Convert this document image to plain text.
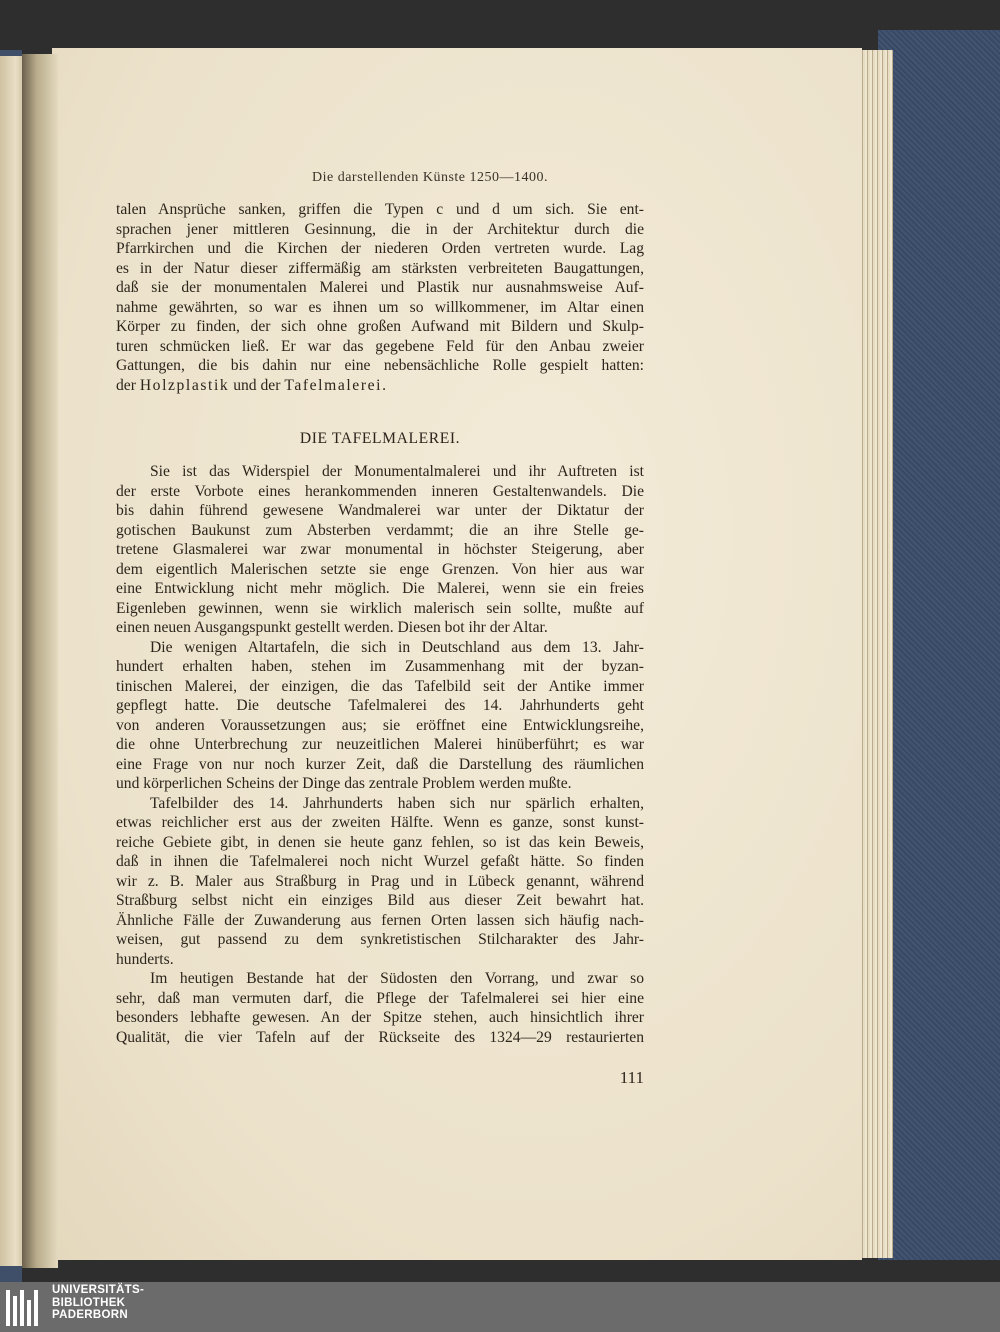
Die darstellenden Künste 1250—1400.
talen Ansprüche sanken, griffen die Typen c und d um sich. Sie ent-
sprachen jener mittleren Gesinnung, die in der Architektur durch die
Pfarrkirchen und die Kirchen der niederen Orden vertreten wurde. Lag
es in der Natur dieser ziffermäßig am stärksten verbreiteten Baugattungen,
daß sie der monumentalen Malerei und Plastik nur ausnahmsweise Auf-
nahme gewährten, so war es ihnen um so willkommener, im Altar einen
Körper zu finden, der sich ohne großen Aufwand mit Bildern und Skulp-
turen schmücken ließ. Er war das gegebene Feld für den Anbau zweier
Gattungen, die bis dahin nur eine nebensächliche Rolle gespielt hatten:
der Holzplastik und der Tafelmalerei.
DIE TAFELMALEREI.
Sie ist das Widerspiel der Monumentalmalerei und ihr Auftreten ist
der erste Vorbote eines herankommenden inneren Gestaltenwandels. Die
bis dahin führend gewesene Wandmalerei war unter der Diktatur der
gotischen Baukunst zum Absterben verdammt; die an ihre Stelle ge-
tretene Glasmalerei war zwar monumental in höchster Steigerung, aber
dem eigentlich Malerischen setzte sie enge Grenzen. Von hier aus war
eine Entwicklung nicht mehr möglich. Die Malerei, wenn sie ein freies
Eigenleben gewinnen, wenn sie wirklich malerisch sein sollte, mußte auf
einen neuen Ausgangspunkt gestellt werden. Diesen bot ihr der Altar.
Die wenigen Altartafeln, die sich in Deutschland aus dem 13. Jahr-
hundert erhalten haben, stehen im Zusammenhang mit der byzan-
tinischen Malerei, der einzigen, die das Tafelbild seit der Antike immer
gepflegt hatte. Die deutsche Tafelmalerei des 14. Jahrhunderts geht
von anderen Voraussetzungen aus; sie eröffnet eine Entwicklungsreihe,
die ohne Unterbrechung zur neuzeitlichen Malerei hinüberführt; es war
eine Frage von nur noch kurzer Zeit, daß die Darstellung des räumlichen
und körperlichen Scheins der Dinge das zentrale Problem werden mußte.
Tafelbilder des 14. Jahrhunderts haben sich nur spärlich erhalten,
etwas reichlicher erst aus der zweiten Hälfte. Wenn es ganze, sonst kunst-
reiche Gebiete gibt, in denen sie heute ganz fehlen, so ist das kein Beweis,
daß in ihnen die Tafelmalerei noch nicht Wurzel gefaßt hätte. So finden
wir z. B. Maler aus Straßburg in Prag und in Lübeck genannt, während
Straßburg selbst nicht ein einziges Bild aus dieser Zeit bewahrt hat.
Ähnliche Fälle der Zuwanderung aus fernen Orten lassen sich häufig nach-
weisen, gut passend zu dem synkretistischen Stilcharakter des Jahr-
hunderts.
Im heutigen Bestande hat der Südosten den Vorrang, und zwar so
sehr, daß man vermuten darf, die Pflege der Tafelmalerei sei hier eine
besonders lebhafte gewesen. An der Spitze stehen, auch hinsichtlich ihrer
Qualität, die vier Tafeln auf der Rückseite des 1324—29 restaurierten
111
UNIVERSITÄTS-
BIBLIOTHEK
PADERBORN
